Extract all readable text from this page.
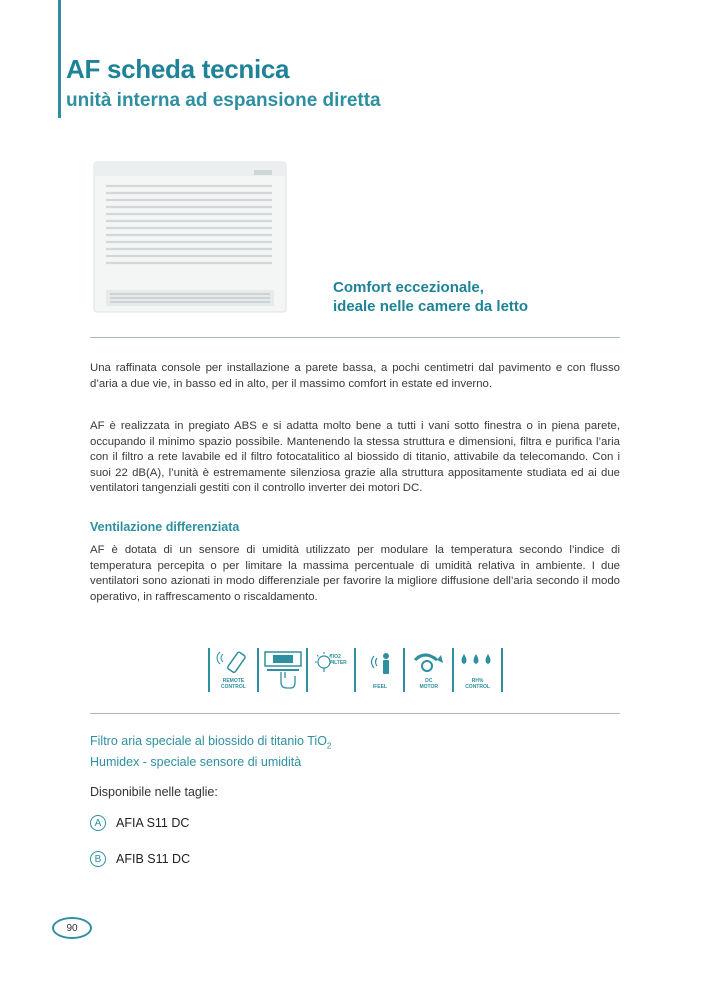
AF scheda tecnica
unità interna ad espansione diretta
Comfort eccezionale,
ideale nelle camere da letto

Una raffinata console per installazione a parete bassa, a pochi centimetri dal pavimento e con flusso d’aria a due vie, in basso ed in alto, per il massimo comfort in estate ed inverno.

AF è realizzata in pregiato ABS e si adatta molto bene a tutti i vani sotto finestra o in piena parete, occupando il minimo spazio possibile. Mantenendo la stessa struttura e dimensioni, filtra e purifica l’aria con il filtro a rete lavabile ed il filtro fotocatalitico al biossido di titanio, attivabile da telecomando. Con i suoi 22 dB(A), l’unità è estremamente silenziosa grazie alla struttura appositamente studiata ed ai due ventilatori tangenziali gestiti con il controllo inverter dei motori DC.

Ventilazione differenziata

AF è dotata di un sensore di umidità utilizzato per modulare la temperatura secondo l’indice di temperatura percepita o per limitare la massima percentuale di umidità relativa in ambiente. I due ventilatori sono azionati in modo differenziale per favorire la migliore diffusione dell’aria secondo il modo operativo, in raffrescamento o riscaldamento.

REMOTE
CONTROL
TIO2
FILTER
IFEEL
DC
MOTOR
RH%
CONTROL

Filtro aria speciale al biossido di titanio TiO$_2$

Humidex - speciale sensore di umidità

Disponibile nelle taglie:

A	AFIA S11 DC
B	AFIB S11 DC
90
